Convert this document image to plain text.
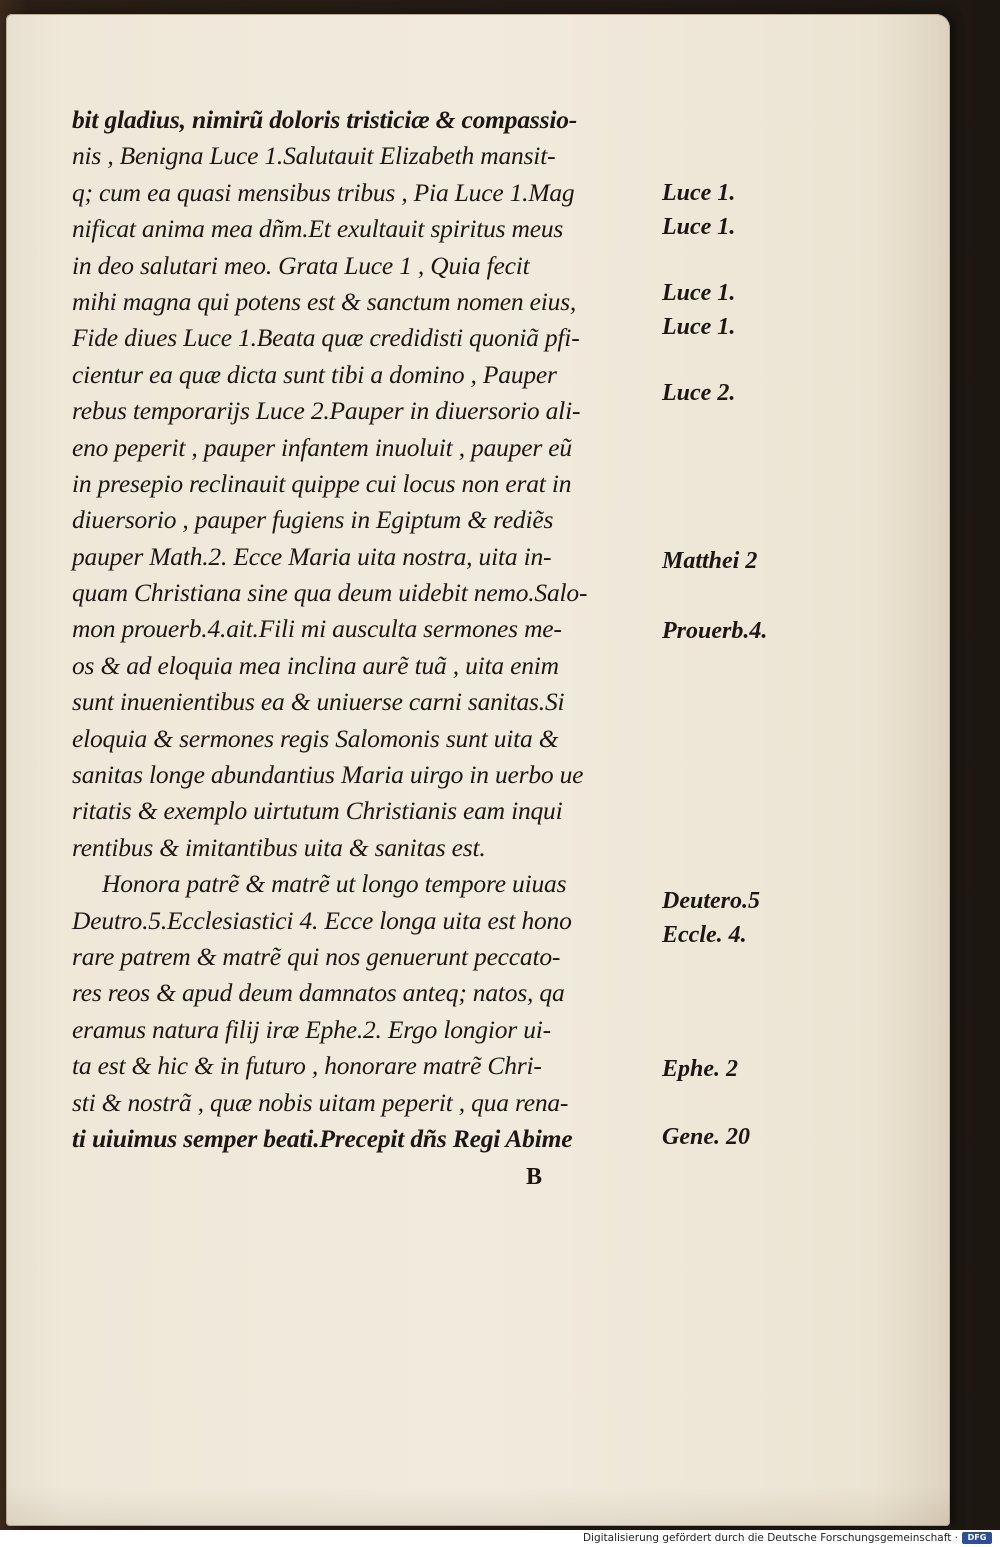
bit gladius, nimirũ doloris tristiciæ & compassio-
nis , Benigna Luce 1.Salutauit Elizabeth mansit-
q; cum ea quasi mensibus tribus , Pia Luce 1.Mag
nificat anima mea dñm.Et exultauit spiritus meus
in deo salutari meo. Grata Luce 1 , Quia fecit
mihi magna qui potens est & sanctum nomen eius,
Fide diues Luce 1.Beata quæ credidisti quoniã pfi-
cientur ea quæ dicta sunt tibi a domino , Pauper
rebus temporarijs Luce 2.Pauper in diuersorio ali-
eno peperit , pauper infantem inuoluit , pauper eũ
in presepio reclinauit quippe cui locus non erat in
diuersorio , pauper fugiens in Egiptum & rediẽs
pauper Math.2. Ecce Maria uita nostra, uita in-
quam Christiana sine qua deum uidebit nemo.Salo-
mon prouerb.4.ait.Fili mi ausculta sermones me-
os & ad eloquia mea inclina aurẽ tuã , uita enim
sunt inuenientibus ea & uniuerse carni sanitas.Si
eloquia & sermones regis Salomonis sunt uita &
sanitas longe abundantius Maria uirgo in uerbo ue
ritatis & exemplo uirtutum Christianis eam inqui
rentibus & imitantibus uita & sanitas est.
Honora patrẽ & matrẽ ut longo tempore uiuas
Deutro.5.Ecclesiastici 4. Ecce longa uita est hono
rare patrem & matrẽ qui nos genuerunt peccato-
res reos & apud deum damnatos anteq; natos, qa
eramus natura filij iræ Ephe.2. Ergo longior ui-
ta est & hic & in futuro , honorare matrẽ Chri-
sti & nostrã , quæ nobis uitam peperit , qua rena-
ti uiuimus semper beati.Precepit dñs Regi Abime
Luce 1.
Luce 1.
Luce 1.
Luce 1.
Luce 2.
Matthei 2
Prouerb.4.
Deutero.5
Eccle. 4.
Ephe. 2
Gene. 20
B
Digitalisierung gefördert durch die Deutsche Forschungsgemeinschaft ·	DFG
